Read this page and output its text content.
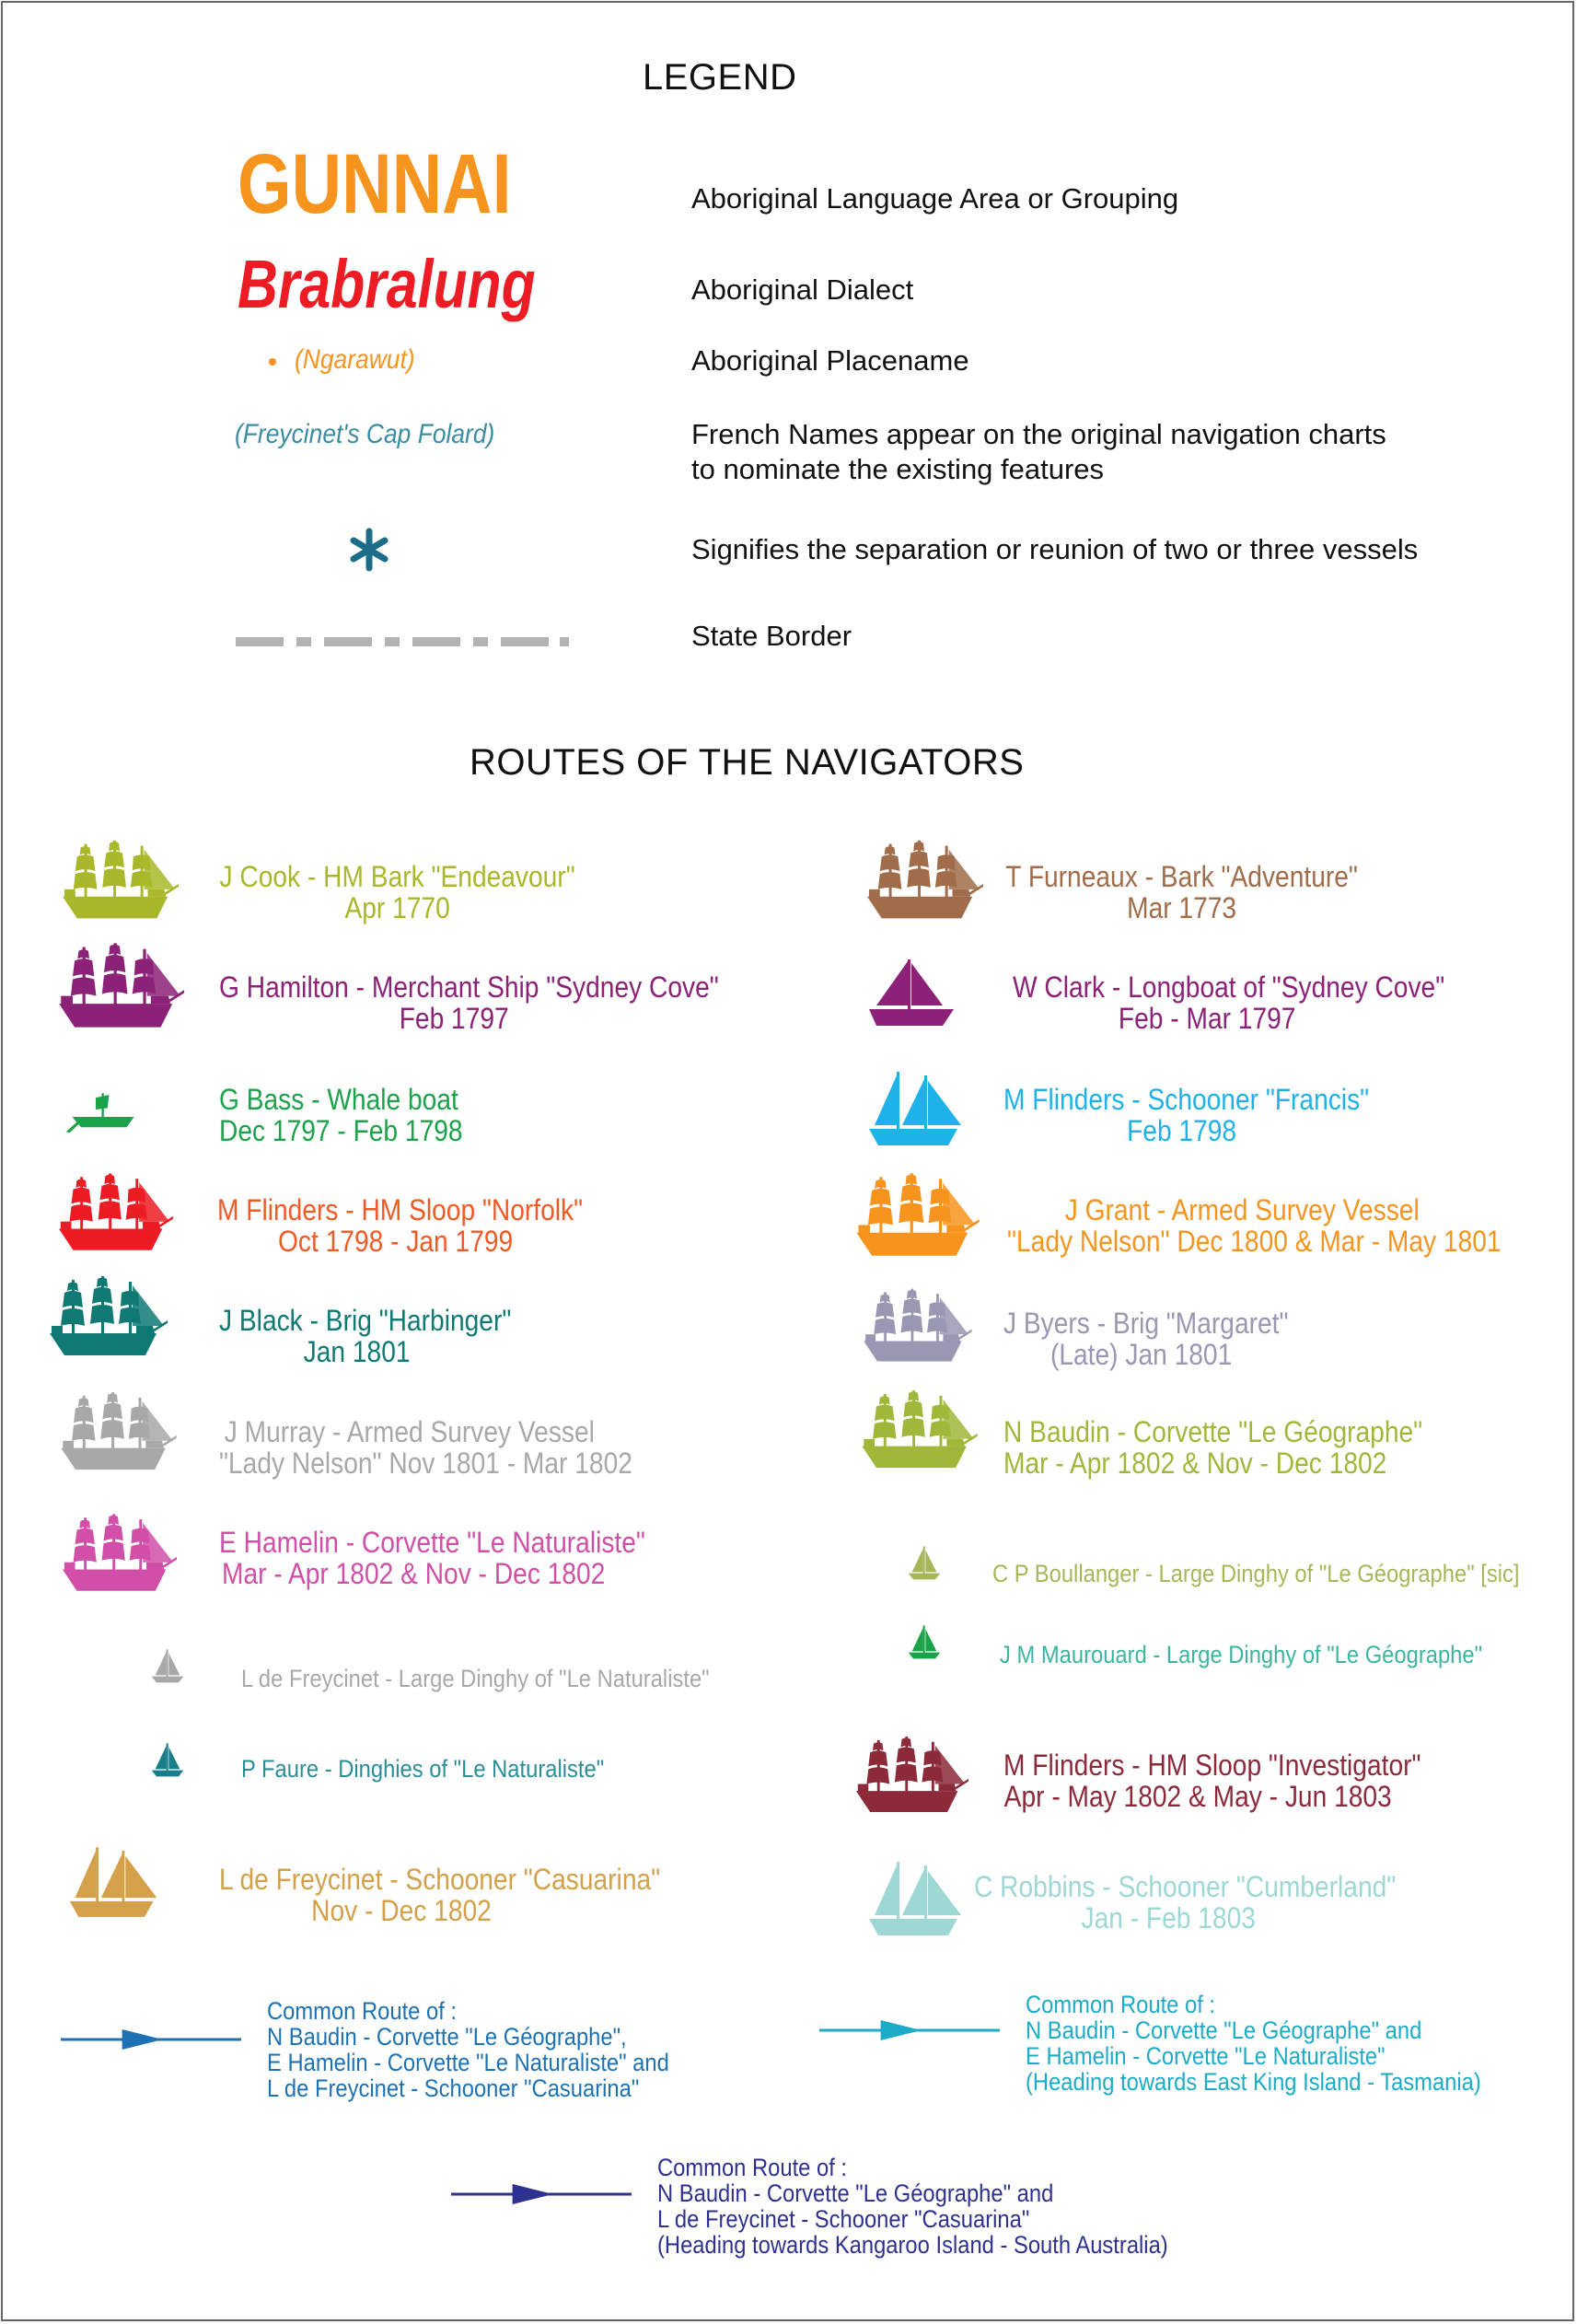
LEGEND
GUNNAI	Aboriginal Language Area or Grouping
Brabralung	Aboriginal Dialect
(Ngarawut)	Aboriginal Placename
(Freycinet's Cap Folard)	French Names appear on the original navigation charts
to nominate the existing features
Signifies the separation or reunion of two or three vessels
State Border
ROUTES OF THE NAVIGATORS
J Cook - HM Bark "Endeavour"
Apr 1770
T Furneaux - Bark "Adventure"
Mar 1773
G Hamilton - Merchant Ship "Sydney Cove"
Feb 1797
W Clark - Longboat of "Sydney Cove"
Feb - Mar 1797
G Bass - Whale boat
Dec 1797 - Feb 1798
M Flinders - Schooner "Francis"
Feb 1798
M Flinders - HM Sloop "Norfolk"
Oct 1798 - Jan 1799
J Grant - Armed Survey Vessel
"Lady Nelson" Dec 1800 & Mar - May 1801
J Black - Brig "Harbinger"
Jan 1801
J Byers - Brig "Margaret"
(Late) Jan 1801
J Murray - Armed Survey Vessel
"Lady Nelson" Nov 1801 - Mar 1802
N Baudin - Corvette "Le Géographe"
Mar - Apr 1802 & Nov - Dec 1802
E Hamelin - Corvette "Le Naturaliste"
Mar - Apr 1802 & Nov - Dec 1802	C P Boullanger - Large Dinghy of "Le Géographe" [sic]
J M Maurouard - Large Dinghy of "Le Géographe"
L de Freycinet - Large Dinghy of "Le Naturaliste"
P Faure - Dinghies of "Le Naturaliste"	M Flinders - HM Sloop "Investigator"
Apr - May 1802 & May - Jun 1803
L de Freycinet - Schooner "Casuarina"
Nov - Dec 1802
C Robbins - Schooner "Cumberland"
Jan - Feb 1803
Common Route of :
N Baudin - Corvette "Le Géographe",
E Hamelin - Corvette "Le Naturaliste" and
L de Freycinet - Schooner "Casuarina"
Common Route of :
N Baudin - Corvette "Le Géographe" and
E Hamelin - Corvette "Le Naturaliste"
(Heading towards East King Island - Tasmania)
Common Route of :
N Baudin - Corvette "Le Géographe" and
L de Freycinet - Schooner "Casuarina"
(Heading towards Kangaroo Island - South Australia)
